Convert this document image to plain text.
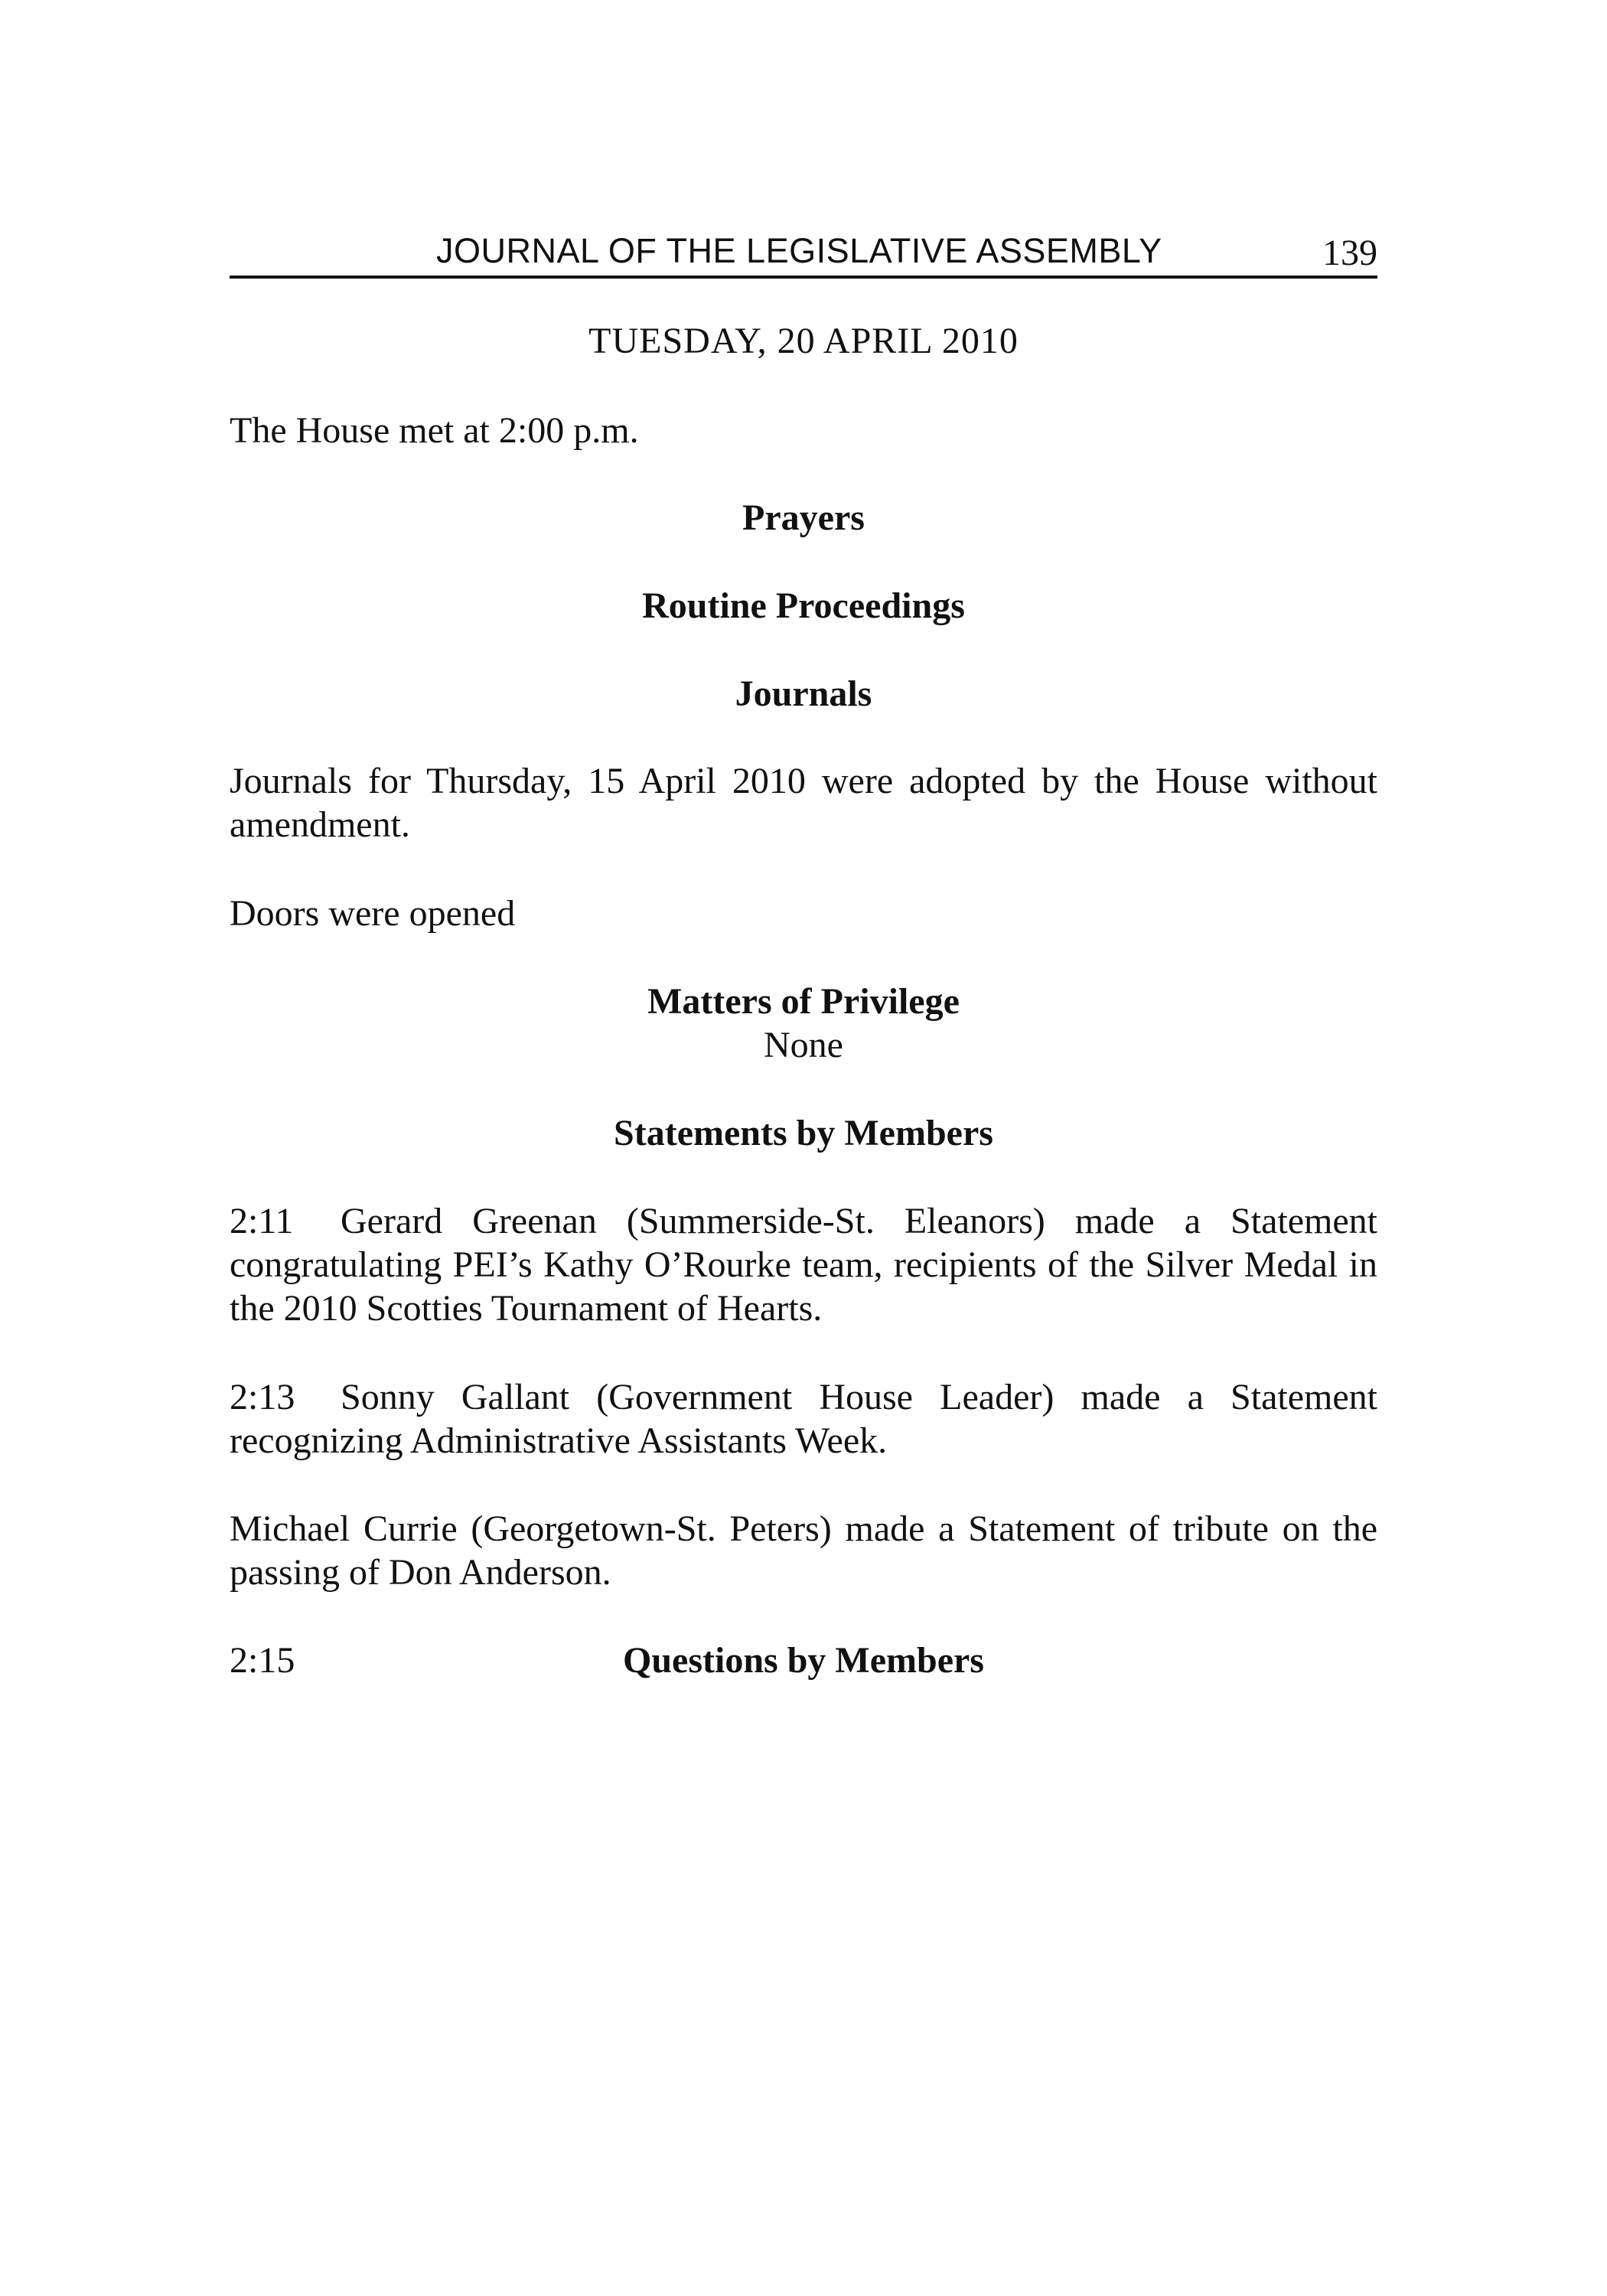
JOURNAL OF THE LEGISLATIVE ASSEMBLY	139
TUESDAY, 20 APRIL 2010

The House met at 2:00 p.m.

Prayers
Routine Proceedings
Journals

Journals for Thursday, 15 April 2010 were adopted by the House without amendment.

Doors were opened

Matters of Privilege

None

Statements by Members

2:11 Gerard Greenan (Summerside-St. Eleanors) made a Statement congratulating PEI’s Kathy O’Rourke team, recipients of the Silver Medal in the 2010 Scotties Tournament of Hearts.

2:13 Sonny Gallant (Government House Leader) made a Statement recognizing Administrative Assistants Week.

Michael Currie (Georgetown-St. Peters) made a Statement of tribute on the passing of Don Anderson.

2:15	Questions by Members
